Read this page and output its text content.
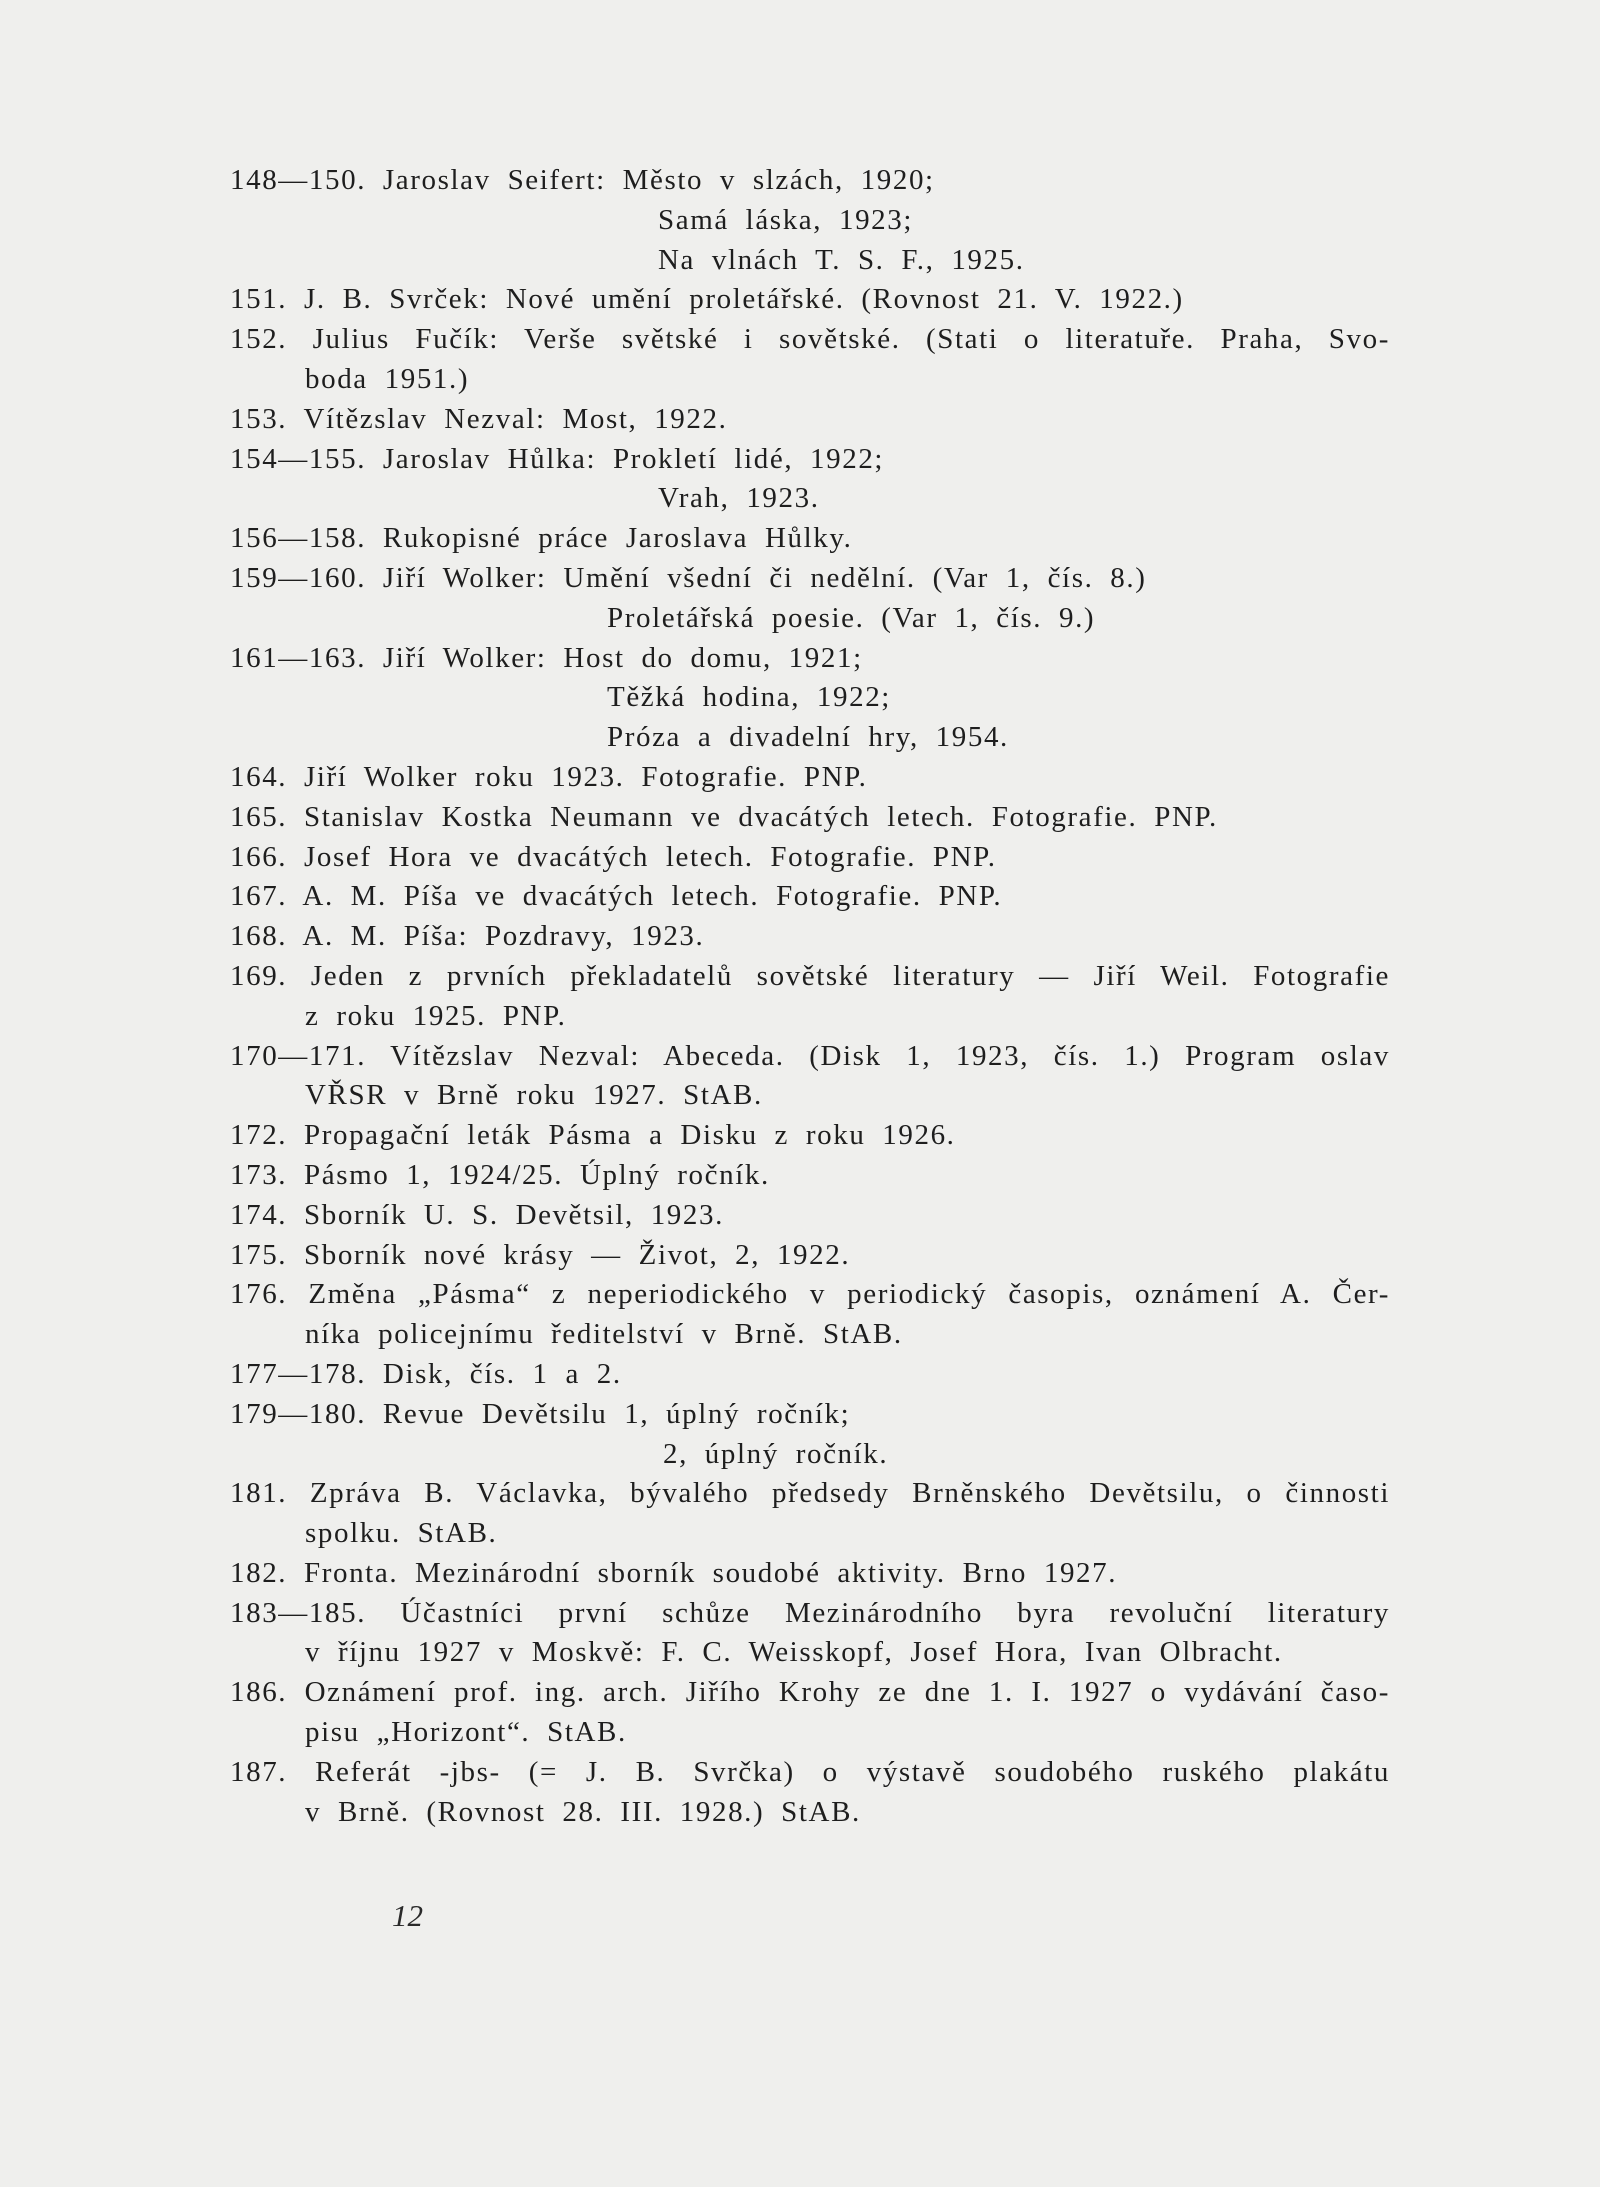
148—150. Jaroslav Seifert: Město v slzách, 1920;
Samá láska, 1923;
Na vlnách T. S. F., 1925.
151. J. B. Svrček: Nové umění proletářské. (Rovnost 21. V. 1922.)
152. Julius Fučík: Verše světské i sovětské. (Stati o literatuře. Praha, Svo-
boda 1951.)
153. Vítězslav Nezval: Most, 1922.
154—155. Jaroslav Hůlka: Prokletí lidé, 1922;
Vrah, 1923.
156—158. Rukopisné práce Jaroslava Hůlky.
159—160. Jiří Wolker: Umění všední či nedělní. (Var 1, čís. 8.)
Proletářská poesie. (Var 1, čís. 9.)
161—163. Jiří Wolker: Host do domu, 1921;
Těžká hodina, 1922;
Próza a divadelní hry, 1954.
164. Jiří Wolker roku 1923. Fotografie. PNP.
165. Stanislav Kostka Neumann ve dvacátých letech. Fotografie. PNP.
166. Josef Hora ve dvacátých letech. Fotografie. PNP.
167. A. M. Píša ve dvacátých letech. Fotografie. PNP.
168. A. M. Píša: Pozdravy, 1923.
169. Jeden z prvních překladatelů sovětské literatury — Jiří Weil. Fotografie
z roku 1925. PNP.
170—171. Vítězslav Nezval: Abeceda. (Disk 1, 1923, čís. 1.) Program oslav
VŘSR v Brně roku 1927. StAB.
172. Propagační leták Pásma a Disku z roku 1926.
173. Pásmo 1, 1924/25. Úplný ročník.
174. Sborník U. S. Devětsil, 1923.
175. Sborník nové krásy — Život, 2, 1922.
176. Změna „Pásma“ z neperiodického v periodický časopis, oznámení A. Čer-
níka policejnímu ředitelství v Brně. StAB.
177—178. Disk, čís. 1 a 2.
179—180. Revue Devětsilu 1, úplný ročník;
2, úplný ročník.
181. Zpráva B. Václavka, bývalého předsedy Brněnského Devětsilu, o činnosti
spolku. StAB.
182. Fronta. Mezinárodní sborník soudobé aktivity. Brno 1927.
183—185. Účastníci první schůze Mezinárodního byra revoluční literatury
v říjnu 1927 v Moskvě: F. C. Weisskopf, Josef Hora, Ivan Olbracht.
186. Oznámení prof. ing. arch. Jiřího Krohy ze dne 1. I. 1927 o vydávání časo-
pisu „Horizont“. StAB.
187. Referát -jbs- (= J. B. Svrčka) o výstavě soudobého ruského plakátu
v Brně. (Rovnost 28. III. 1928.) StAB.
12
